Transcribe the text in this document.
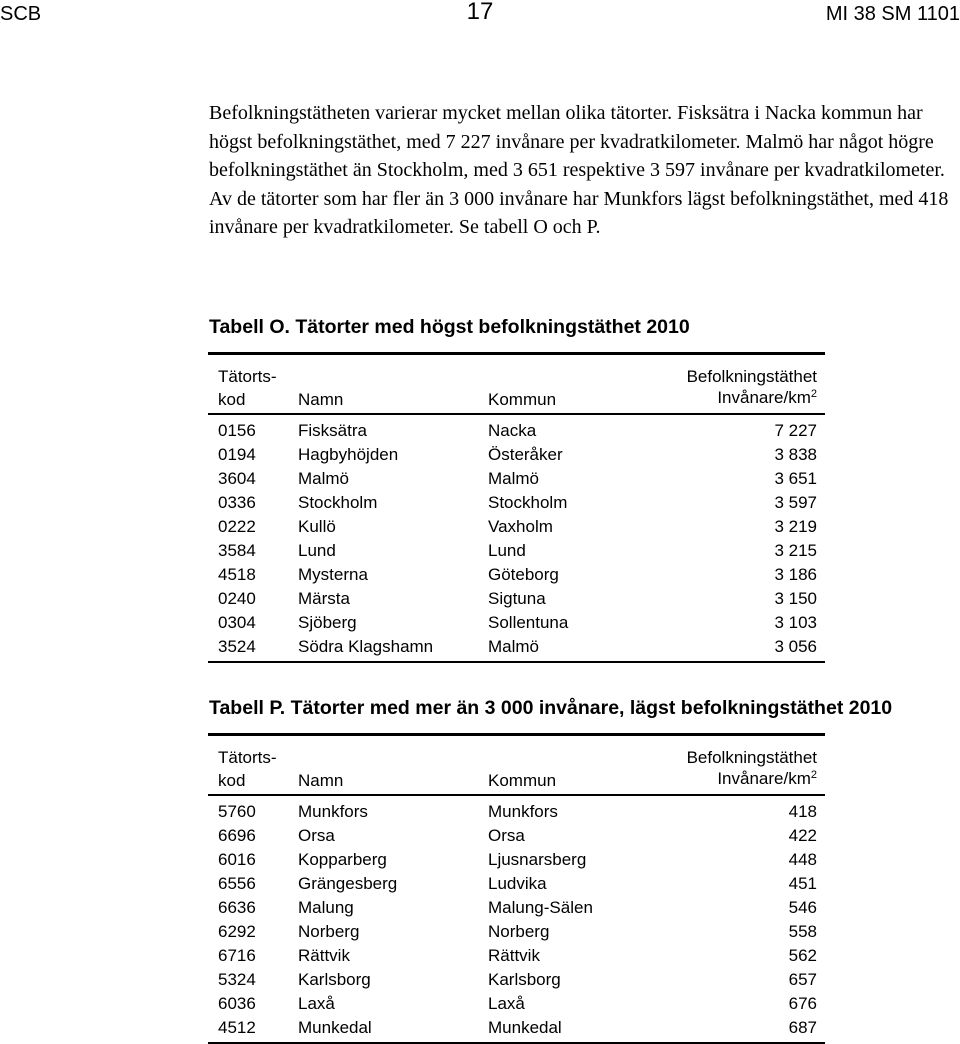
SCB	17	MI 38 SM 1101

Befolkningstätheten varierar mycket mellan olika tätorter. Fisksätra i Nacka kommun har högst befolkningstäthet, med 7 227 invånare per kvadratkilometer. Malmö har något högre befolkningstäthet än Stockholm, med 3 651 respektive 3 597 invånare per kvadratkilometer.

Av de tätorter som har fler än 3 000 invånare har Munkfors lägst befolkningstäthet, med 418 invånare per kvadratkilometer. Se tabell O och P.

Tabell O. Tätorter med högst befolkningstäthet 2010
Tätorts-
kod	Namn	Kommun
Befolkningstäthet
Invånare/$km^2$
0156 Fisksätra	Nacka	7 227
0194 Hagbyhöjden	Österåker	3 838
3604 Malmö	Malmö	3 651
0336 Stockholm	Stockholm	3 597
0222 Kullö	Vaxholm	3 219
3584 Lund	Lund	3 215
4518 Mysterna	Göteborg	3 186
0240 Märsta	Sigtuna	3 150
0304 Sjöberg	Sollentuna	3 103
3524 Södra Klagshamn	Malmö	3 056
Tabell P. Tätorter med mer än 3 000 invånare, lägst befolkningstäthet 2010
Tätorts-
kod	Namn	Kommun
Befolkningstäthet
Invånare/$km^2$
5760 Munkfors	Munkfors	418
6696 Orsa	Orsa	422
6016 Kopparberg	Ljusnarsberg	448
6556 Grängesberg	Ludvika	451
6636 Malung	Malung-Sälen	546
6292 Norberg	Norberg	558
6716 Rättvik	Rättvik	562
5324 Karlsborg	Karlsborg	657
6036 Laxå	Laxå	676
4512 Munkedal	Munkedal	687
